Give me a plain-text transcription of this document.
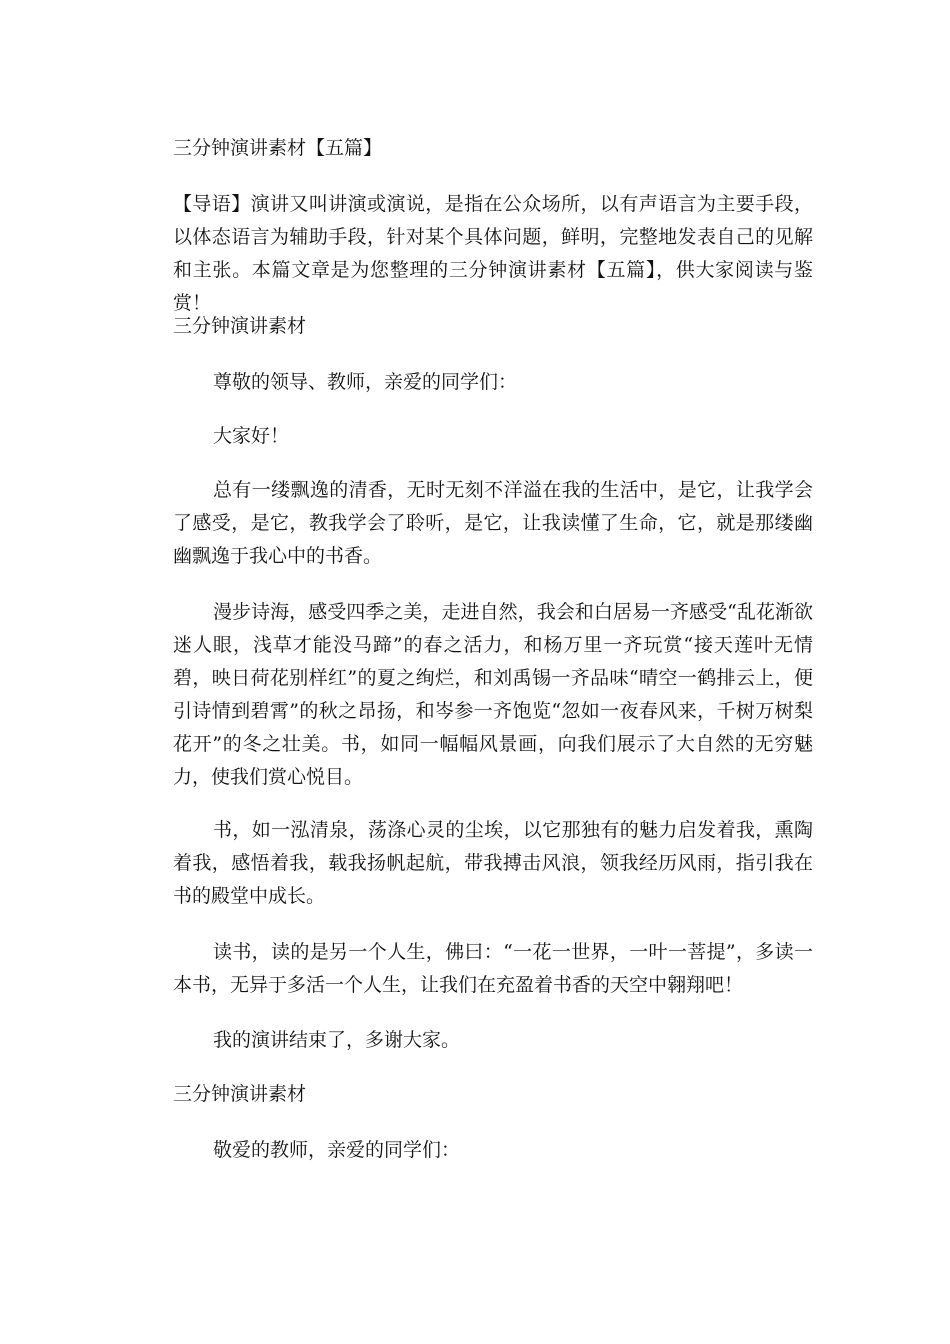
三分钟演讲素材【五篇】

【导语】演讲又叫讲演或演说，是指在公众场所，以有声语言为主要手段，以体态语言为辅助手段，针对某个具体问题，鲜明，完整地发表自己的见解和主张。本篇文章是为您整理的三分钟演讲素材【五篇】，供大家阅读与鉴赏！

三分钟演讲素材

尊敬的领导、教师，亲爱的同学们：

大家好！

总有一缕飘逸的清香，无时无刻不洋溢在我的生活中，是它，让我学会了感受，是它，教我学会了聆听，是它，让我读懂了生命，它，就是那缕幽幽飘逸于我心中的书香。

漫步诗海，感受四季之美，走进自然，我会和白居易一齐感受“乱花渐欲迷人眼，浅草才能没马蹄”的春之活力，和杨万里一齐玩赏“接天莲叶无情碧，映日荷花别样红”的夏之绚烂，和刘禹锡一齐品味“晴空一鹤排云上，便引诗情到碧霄”的秋之昂扬，和岑参一齐饱览“忽如一夜春风来，千树万树梨花开”的冬之壮美。书，如同一幅幅风景画，向我们展示了大自然的无穷魅力，使我们赏心悦目。

书，如一泓清泉，荡涤心灵的尘埃，以它那独有的魅力启发着我，熏陶着我，感悟着我，载我扬帆起航，带我搏击风浪，领我经历风雨，指引我在书的殿堂中成长。

读书，读的是另一个人生，佛曰：“一花一世界，一叶一菩提”，多读一本书，无异于多活一个人生，让我们在充盈着书香的天空中翱翔吧！

我的演讲结束了，多谢大家。

三分钟演讲素材

敬爱的教师，亲爱的同学们：
